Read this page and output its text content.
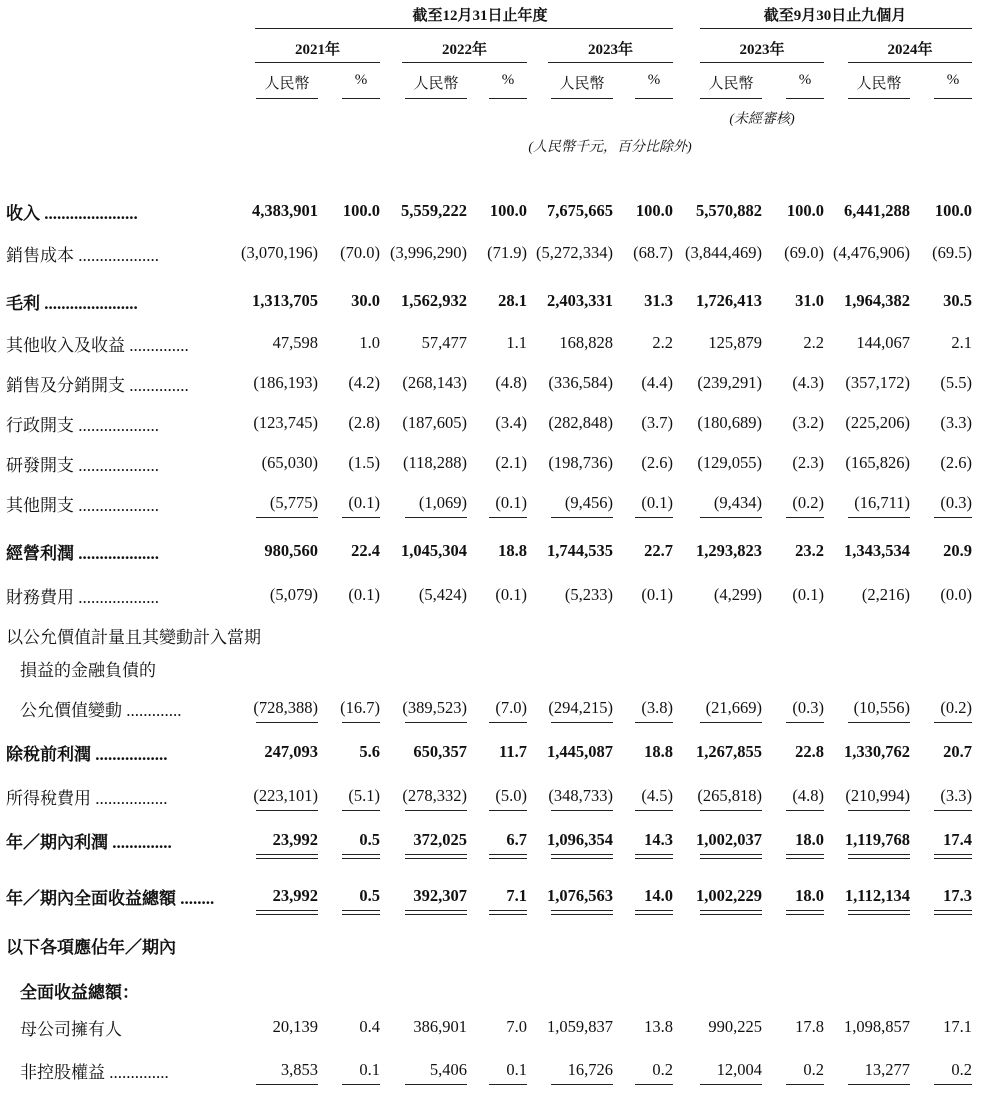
截至12月31日止年度	截至9月30日止九個月
2021年	2022年	2023年	2023年	2024年
人民幣	%	人民幣	%	人民幣	%	人民幣	%	人民幣	%
(未經審核)
(人民幣千元，百分比除外)
收入 ......................	4,383,901	100.0	5,559,222	100.0	7,675,665	100.0	5,570,882	100.0	6,441,288	100.0
銷售成本 ...................	(3,070,196)	(70.0) (3,996,290)	(71.9) (5,272,334)	(68.7) (3,844,469)	(69.0) (4,476,906)	(69.5)
毛利 ......................	1,313,705	30.0	1,562,932	28.1	2,403,331	31.3	1,726,413	31.0	1,964,382	30.5
其他收入及收益 ..............	47,598	1.0	57,477	1.1	168,828	2.2	125,879	2.2	144,067	2.1
銷售及分銷開支 ..............	(186,193)	(4.2)	(268,143)	(4.8)	(336,584)	(4.4)	(239,291)	(4.3)	(357,172)	(5.5)
行政開支 ...................	(123,745)	(2.8)	(187,605)	(3.4)	(282,848)	(3.7)	(180,689)	(3.2)	(225,206)	(3.3)
研發開支 ...................	(65,030)	(1.5)	(118,288)	(2.1)	(198,736)	(2.6)	(129,055)	(2.3)	(165,826)	(2.6)
其他開支 ...................	(5,775)	(0.1)	(1,069)	(0.1)	(9,456)	(0.1)	(9,434)	(0.2)	(16,711)	(0.3)
經營利潤 ...................	980,560	22.4	1,045,304	18.8	1,744,535	22.7	1,293,823	23.2	1,343,534	20.9
財務費用 ...................	(5,079)	(0.1)	(5,424)	(0.1)	(5,233)	(0.1)	(4,299)	(0.1)	(2,216)	(0.0)
以公允價值計量且其變動計入當期
損益的金融負債的
公允價值變動 .............	(728,388)	(16.7)	(389,523)	(7.0)	(294,215)	(3.8)	(21,669)	(0.3)	(10,556)	(0.2)
除稅前利潤 .................	247,093	5.6	650,357	11.7	1,445,087	18.8	1,267,855	22.8	1,330,762	20.7
所得稅費用 .................	(223,101)	(5.1)	(278,332)	(5.0)	(348,733)	(4.5)	(265,818)	(4.8)	(210,994)	(3.3)
年／期內利潤 ..............	23,992	0.5	372,025	6.7	1,096,354	14.3	1,002,037	18.0	1,119,768	17.4
年／期內全面收益總額 ........	23,992	0.5	392,307	7.1	1,076,563	14.0	1,002,229	18.0	1,112,134	17.3
以下各項應佔年／期內
全面收益總額：
母公司擁有人	20,139	0.4	386,901	7.0	1,059,837	13.8	990,225	17.8	1,098,857	17.1
非控股權益 ..............	3,853	0.1	5,406	0.1	16,726	0.2	12,004	0.2	13,277	0.2
